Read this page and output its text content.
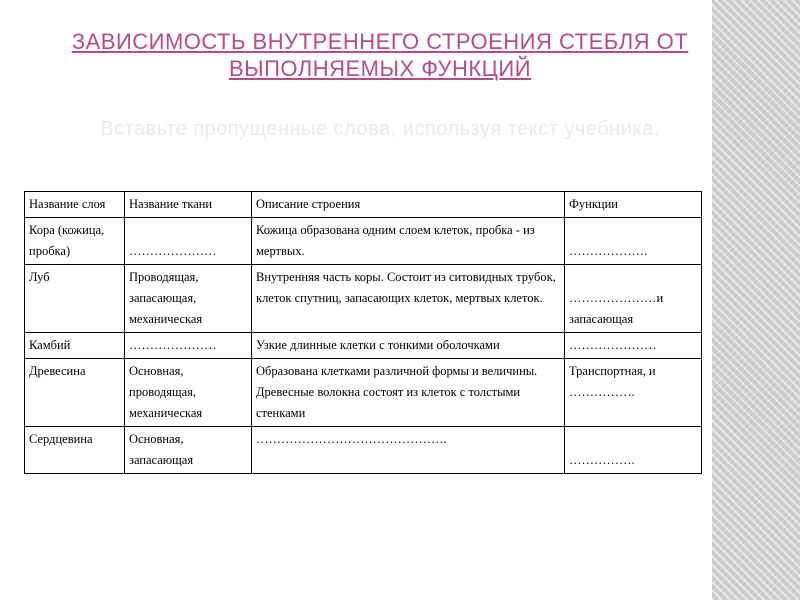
ЗАВИСИМОСТЬ ВНУТРЕННЕГО СТРОЕНИЯ СТЕБЛЯ ОТ ВЫПОЛНЯЕМЫХ ФУНКЦИЙ
Вставьте пропущенные слова, используя текст учебника.
Название слоя	Название ткани	Описание строения	Функции
Кора (кожица, пробка)	…………………	Кожица образована одним слоем клеток, пробка - из мертвых.	……………….
Луб	Проводящая, запасающая, механическая	Внутренняя часть коры. Состоит из ситовидных трубок, клеток спутниц, запасающих клеток, мертвых клеток.	…………………и запасающая
Камбий	…………………	Узкие длинные клетки с тонкими оболочками	…………………
Древесина	Основная, проводящая, механическая	Образована клетками различной формы и величины. Древесные волокна состоят из клеток с толстыми стенками	Транспортная, и …………….
Сердцевина	Основная, запасающая	……………………………………….	…………….
